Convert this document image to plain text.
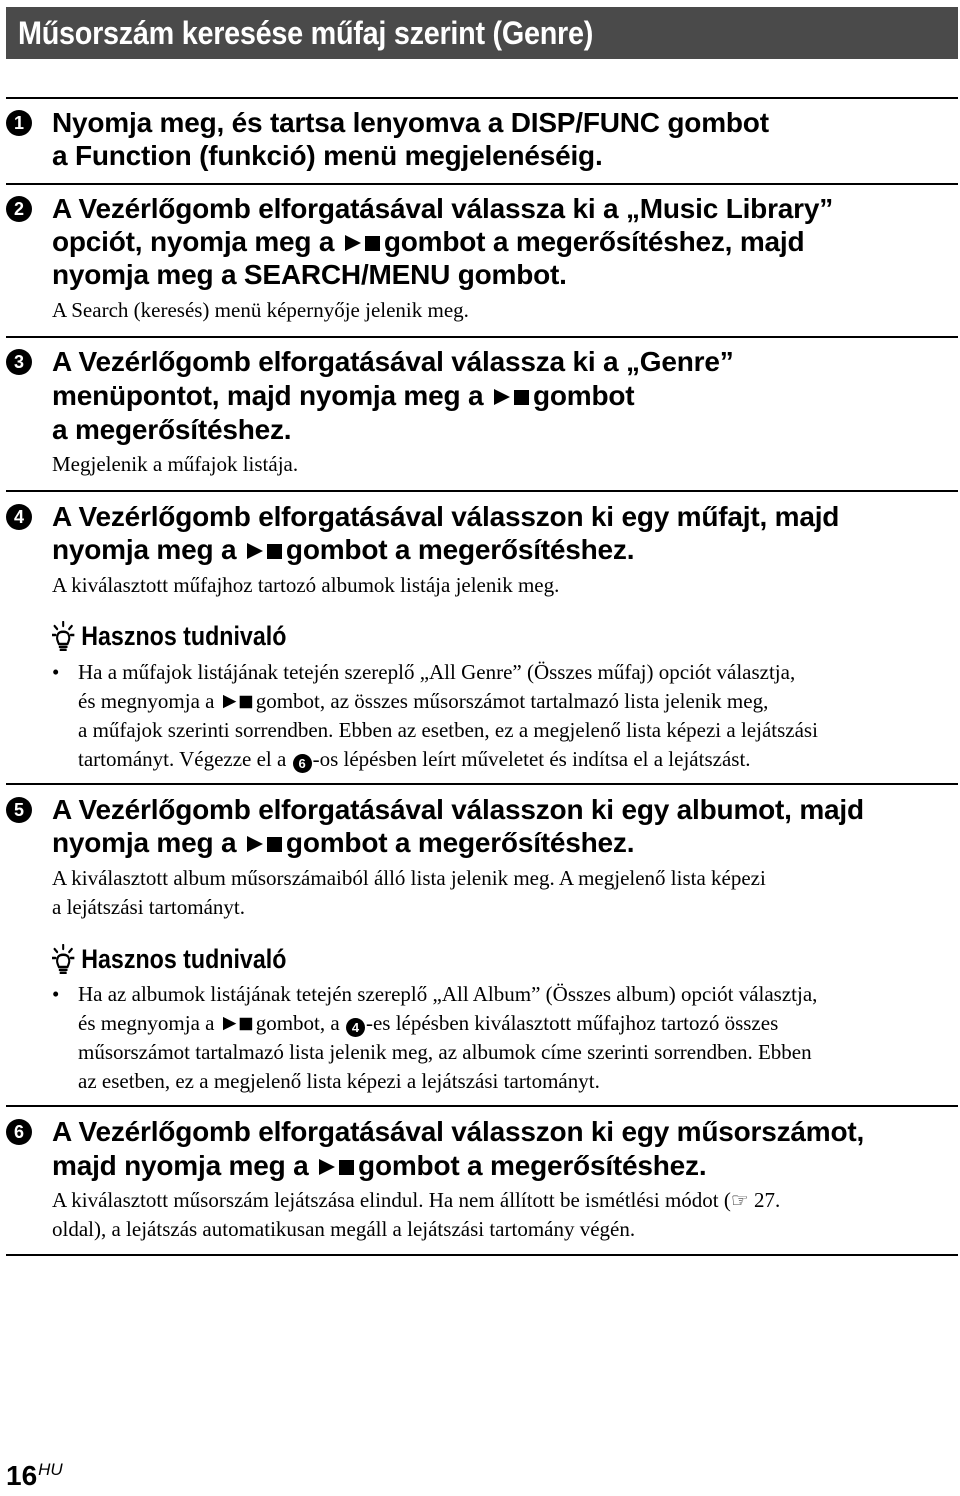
Műsorszám keresése műfaj szerint (Genre)
1 Nyomja meg, és tartsa lenyomva a DISP/FUNC gombot
a Function (funkció) menü megjelenéséig.
2 A Vezérlőgomb elforgatásával válassza ki a „Music Library”
opciót, nyomja meg a gombot a megerősítéshez, majd
nyomja meg a SEARCH/MENU gombot.
A Search (keresés) menü képernyője jelenik meg.
3 A Vezérlőgomb elforgatásával válassza ki a „Genre”
menüpontot, majd nyomja meg a gombot
a megerősítéshez.
Megjelenik a műfajok listája.
4 A Vezérlőgomb elforgatásával válasszon ki egy műfajt, majd
nyomja meg a gombot a megerősítéshez.
A kiválasztott műfajhoz tartozó albumok listája jelenik meg.
Hasznos tudnivaló
• Ha a műfajok listájának tetején szereplő „All Genre” (Összes műfaj) opciót választja,
és megnyomja a gombot, az összes műsorszámot tartalmazó lista jelenik meg,
a műfajok szerinti sorrendben. Ebben az esetben, ez a megjelenő lista képezi a lejátszási
tartományt. Végezze el a 6 -os lépésben leírt műveletet és indítsa el a lejátszást.
5 A Vezérlőgomb elforgatásával válasszon ki egy albumot, majd
nyomja meg a gombot a megerősítéshez.
A kiválasztott album műsorszámaiból álló lista jelenik meg. A megjelenő lista képezi
a lejátszási tartományt.
Hasznos tudnivaló
• Ha az albumok listájának tetején szereplő „All Album” (Összes album) opciót választja,
és megnyomja a gombot, a 4 -es lépésben kiválasztott műfajhoz tartozó összes
műsorszámot tartalmazó lista jelenik meg, az albumok címe szerinti sorrendben. Ebben
az esetben, ez a megjelenő lista képezi a lejátszási tartományt.
6 A Vezérlőgomb elforgatásával válasszon ki egy műsorszámot,
majd nyomja meg a gombot a megerősítéshez.
A kiválasztott műsorszám lejátszása elindul. Ha nem állított be ismétlési módot (☞ 27.
oldal), a lejátszás automatikusan megáll a lejátszási tartomány végén.
$16^{HU}$
